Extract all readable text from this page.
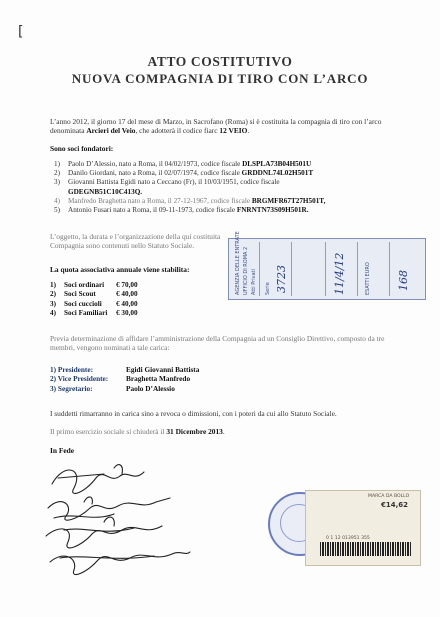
[
ATTO COSTITUTIVO
NUOVA COMPAGNIA DI TIRO CON L’ARCO
L’anno 2012, il giorno 17 del mese di Marzo, in Sacrofano (Roma) si è costituita la compagnia di tiro con l’arco denominata Arcieri del Veio, che adotterà il codice fiarc 12 VEIO.
Sono soci fondatori:
1) Paolo D’Alessio, nato a Roma, il 04/02/1973, codice fiscale DLSPLA73B04H501U
2) Danilo Giordani, nato a Roma, il 02/07/1974, codice fiscale GRDDNL74L02H501T
3) Giovanni Battista Egidi nato a Ceccano (Fr), il 10/03/1951, codice fiscale
GDEGNB51C10C413Q.
4) Manfredo Braghetta nato a Roma, il 27-12-1967, codice fiscale BRGMFR67T27H501T,
5) Antonio Fusari nato a Roma, il 09-11-1973, codice fiscale FNRNTN73S09H501R.
L’oggetto, la durata e l’organizzazione della qui costituita Compagnia sono contenuti nello Statuto Sociale.
La quota associativa annuale viene stabilita:
1) Soci ordinari € 70,00
2) Soci Scout	€ 40,00
3) Soci cuccioli € 40,00
4) Soci Familiari € 30,00
AGENZIA DELLE ENTRATE UFFICIO DI ROMA 2 Atti Privati Serie 3723	11/4/12	ESATTI EURO 168
Previa determinazione di affidare l’amministrazione della Compagnia ad un Consiglio Direttivo, composto da tre membri, vengono nominati a tale carica:
1) Presidente:	Egidi Giovanni Battista
2) Vice Presidente: Braghetta Manfredo
3) Segretario:	Paolo D’Alessio
I suddetti rimarranno in carica sino a revoca o dimissioni, con i poteri da cui allo Statuto Sociale.
Il primo esercizio sociale si chiuderà il 31 Dicembre 2013.
In Fede
MARCA DA BOLLO
€14,62
0 1 12 013951 355
